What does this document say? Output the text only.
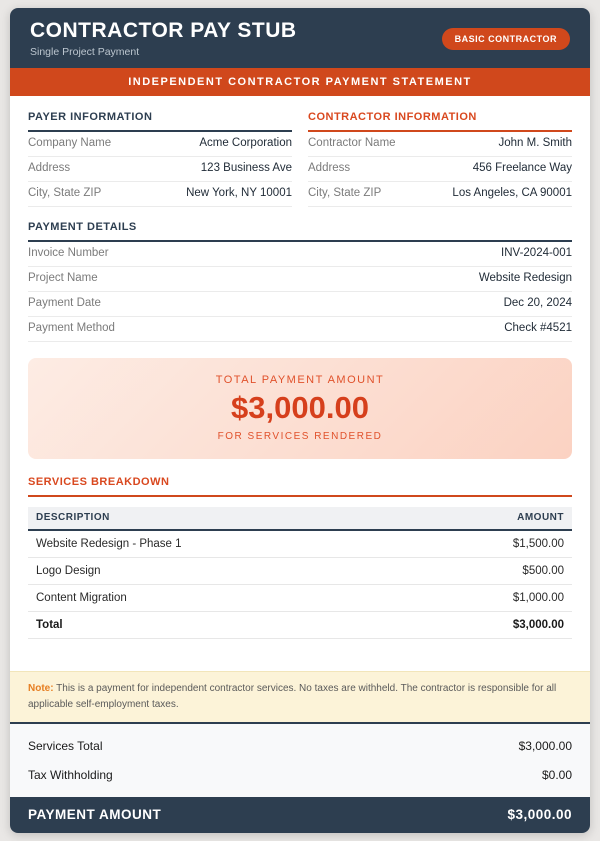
CONTRACTOR PAY STUB

Single Project Payment

BASIC CONTRACTOR
INDEPENDENT CONTRACTOR PAYMENT STATEMENT
PAYER INFORMATION
Company Name	Acme Corporation
Address	123 Business Ave
City, State ZIP	New York, NY 10001
CONTRACTOR INFORMATION
Contractor Name	John M. Smith
Address	456 Freelance Way
City, State ZIP	Los Angeles, CA 90001
PAYMENT DETAILS
Invoice Number	INV-2024-001
Project Name	Website Redesign
Payment Date	Dec 20, 2024
Payment Method	Check #4521
TOTAL PAYMENT AMOUNT
$3,000.00
FOR SERVICES RENDERED
SERVICES BREAKDOWN
DESCRIPTION	AMOUNT
Website Redesign - Phase 1	$1,500.00
Logo Design	$500.00
Content Migration	$1,000.00
Total	$3,000.00
Note: This is a payment for independent contractor services. No taxes are withheld. The contractor is responsible for all applicable self-employment taxes.
Services Total	$3,000.00
Tax Withholding	$0.00
PAYMENT AMOUNT	$3,000.00
